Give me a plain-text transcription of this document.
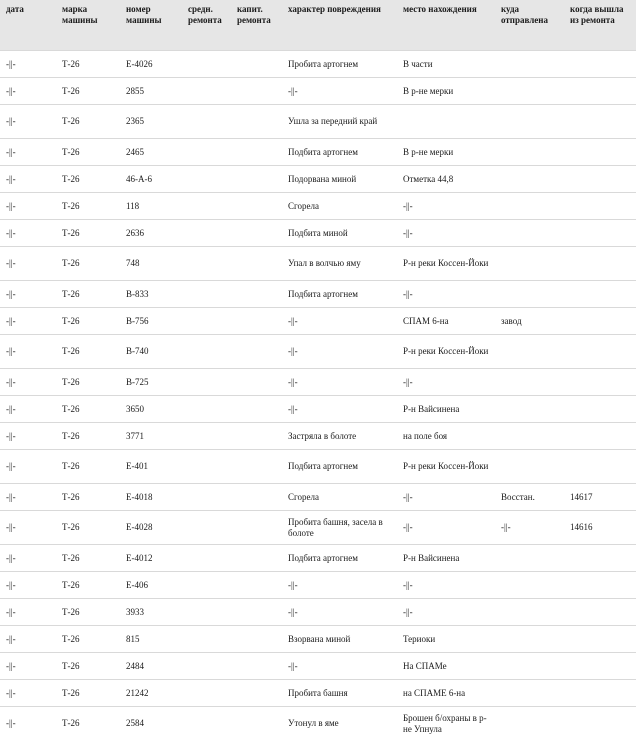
дата	марка машины	номер машины	средн. ремонта	капит. ремонта	характер повреждения	место нахождения	куда отправлена	когда вышла из ремонта
-||-	Т-26	Е-4026			Пробита артогнем	В части		
-||-	Т-26	2855			-||-	В р-не мерки		
-||-	Т-26	2365			Ушла за передний край			
-||-	Т-26	2465			Подбита артогнем	В р-не мерки		
-||-	Т-26	46-А-6			Подорвана миной	Отметка 44,8		
-||-	Т-26	118			Сгорела	-||-		
-||-	Т-26	2636			Подбита миной	-||-		
-||-	Т-26	748			Упал в волчью яму	Р-н реки Коссен-Йоки		
-||-	Т-26	В-833			Подбита артогнем	-||-		
-||-	Т-26	В-756			-||-	СПАМ 6-на	завод	
-||-	Т-26	В-740			-||-	Р-н реки Коссен-Йоки		
-||-	Т-26	В-725			-||-	-||-		
-||-	Т-26	3650			-||-	Р-н Вайсинена		
-||-	Т-26	3771			Застряла в болоте	на поле боя		
-||-	Т-26	Е-401			Подбита артогнем	Р-н реки Коссен-Йоки		
-||-	Т-26	Е-4018			Сгорела	-||-	Восстан.	14617
-||-	Т-26	Е-4028			Пробита башня, засела в болоте	-||-	-||-	14616
-||-	Т-26	Е-4012			Подбита артогнем	Р-н Вайсинена		
-||-	Т-26	Е-406			-||-	-||-		
-||-	Т-26	3933			-||-	-||-		
-||-	Т-26	815			Взорвана миной	Териоки		
-||-	Т-26	2484			-||-	На СПАМе		
-||-	Т-26	21242			Пробита башня	на СПАМЕ 6-на		
-||-	Т-26	2584			Утонул в яме	Брошен б/охраны в р-не Упнула		
